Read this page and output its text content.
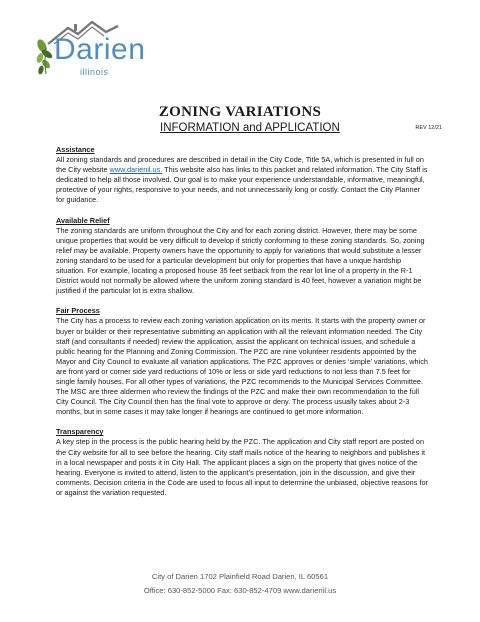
Darien
illinois
ZONING VARIATIONS
INFORMATION and APPLICATION	REV 12/21
Assistance

All zoning standards and procedures are described in detail in the City Code, Title 5A, which is presented in full on the City website www.darienil.us. This website also has links to this packet and related information. The City Staff is dedicated to help all those involved. Our goal is to make your experience understandable, informative, meaningful, protective of your rights, responsive to your needs, and not unnecessarily long or costly. Contact the City Planner for guidance.

Available Relief

The zoning standards are uniform throughout the City and for each zoning district. However, there may be some unique properties that would be very difficult to develop if strictly conforming to these zoning standards. So, zoning relief may be available. Property owners have the opportunity to apply for variations that would substitute a lesser zoning standard to be used for a particular development but only for properties that have a unique hardship situation. For example, locating a proposed house 35 feet setback from the rear lot line of a property in the R-1 District would not normally be allowed where the uniform zoning standard is 40 feet, however a variation might be justified if the particular lot is extra shallow.

Fair Process

The City has a process to review each zoning variation application on its merits. It starts with the property owner or buyer or builder or their representative submitting an application with all the relevant information needed. The City staff (and consultants if needed) review the application, assist the applicant on technical issues, and schedule a public hearing for the Planning and Zoning Commission. The PZC are nine volunteer residents appointed by the Mayor and City Council to evaluate all variation applications. The PZC approves or denies ‘simple’ variations, which are front yard or corner side yard reductions of 10% or less or side yard reductions to not less than 7.5 feet for single family houses. For all other types of variations, the PZC recommends to the Municipal Services Committee. The MSC are three aldermen who review the findings of the PZC and make their own recommendation to the full City Council. The City Council then has the final vote to approve or deny. The process usually takes about 2-3 months, but in some cases it may take longer if hearings are continued to get more information.

Transparency

A key step in the process is the public hearing held by the PZC. The application and City staff report are posted on the City website for all to see before the hearing. City staff mails notice of the hearing to neighbors and publishes it in a local newspaper and posts it in City Hall. The applicant places a sign on the property that gives notice of the hearing. Everyone is invited to attend, listen to the applicant’s presentation, join in the discussion, and give their comments. Decision criteria in the Code are used to focus all input to determine the unbiased, objective reasons for or against the variation requested.

City of Darien 1702 Plainfield Road Darien, IL 60561
Office: 630-852-5000 Fax: 630-852-4709 www.darienil.us
